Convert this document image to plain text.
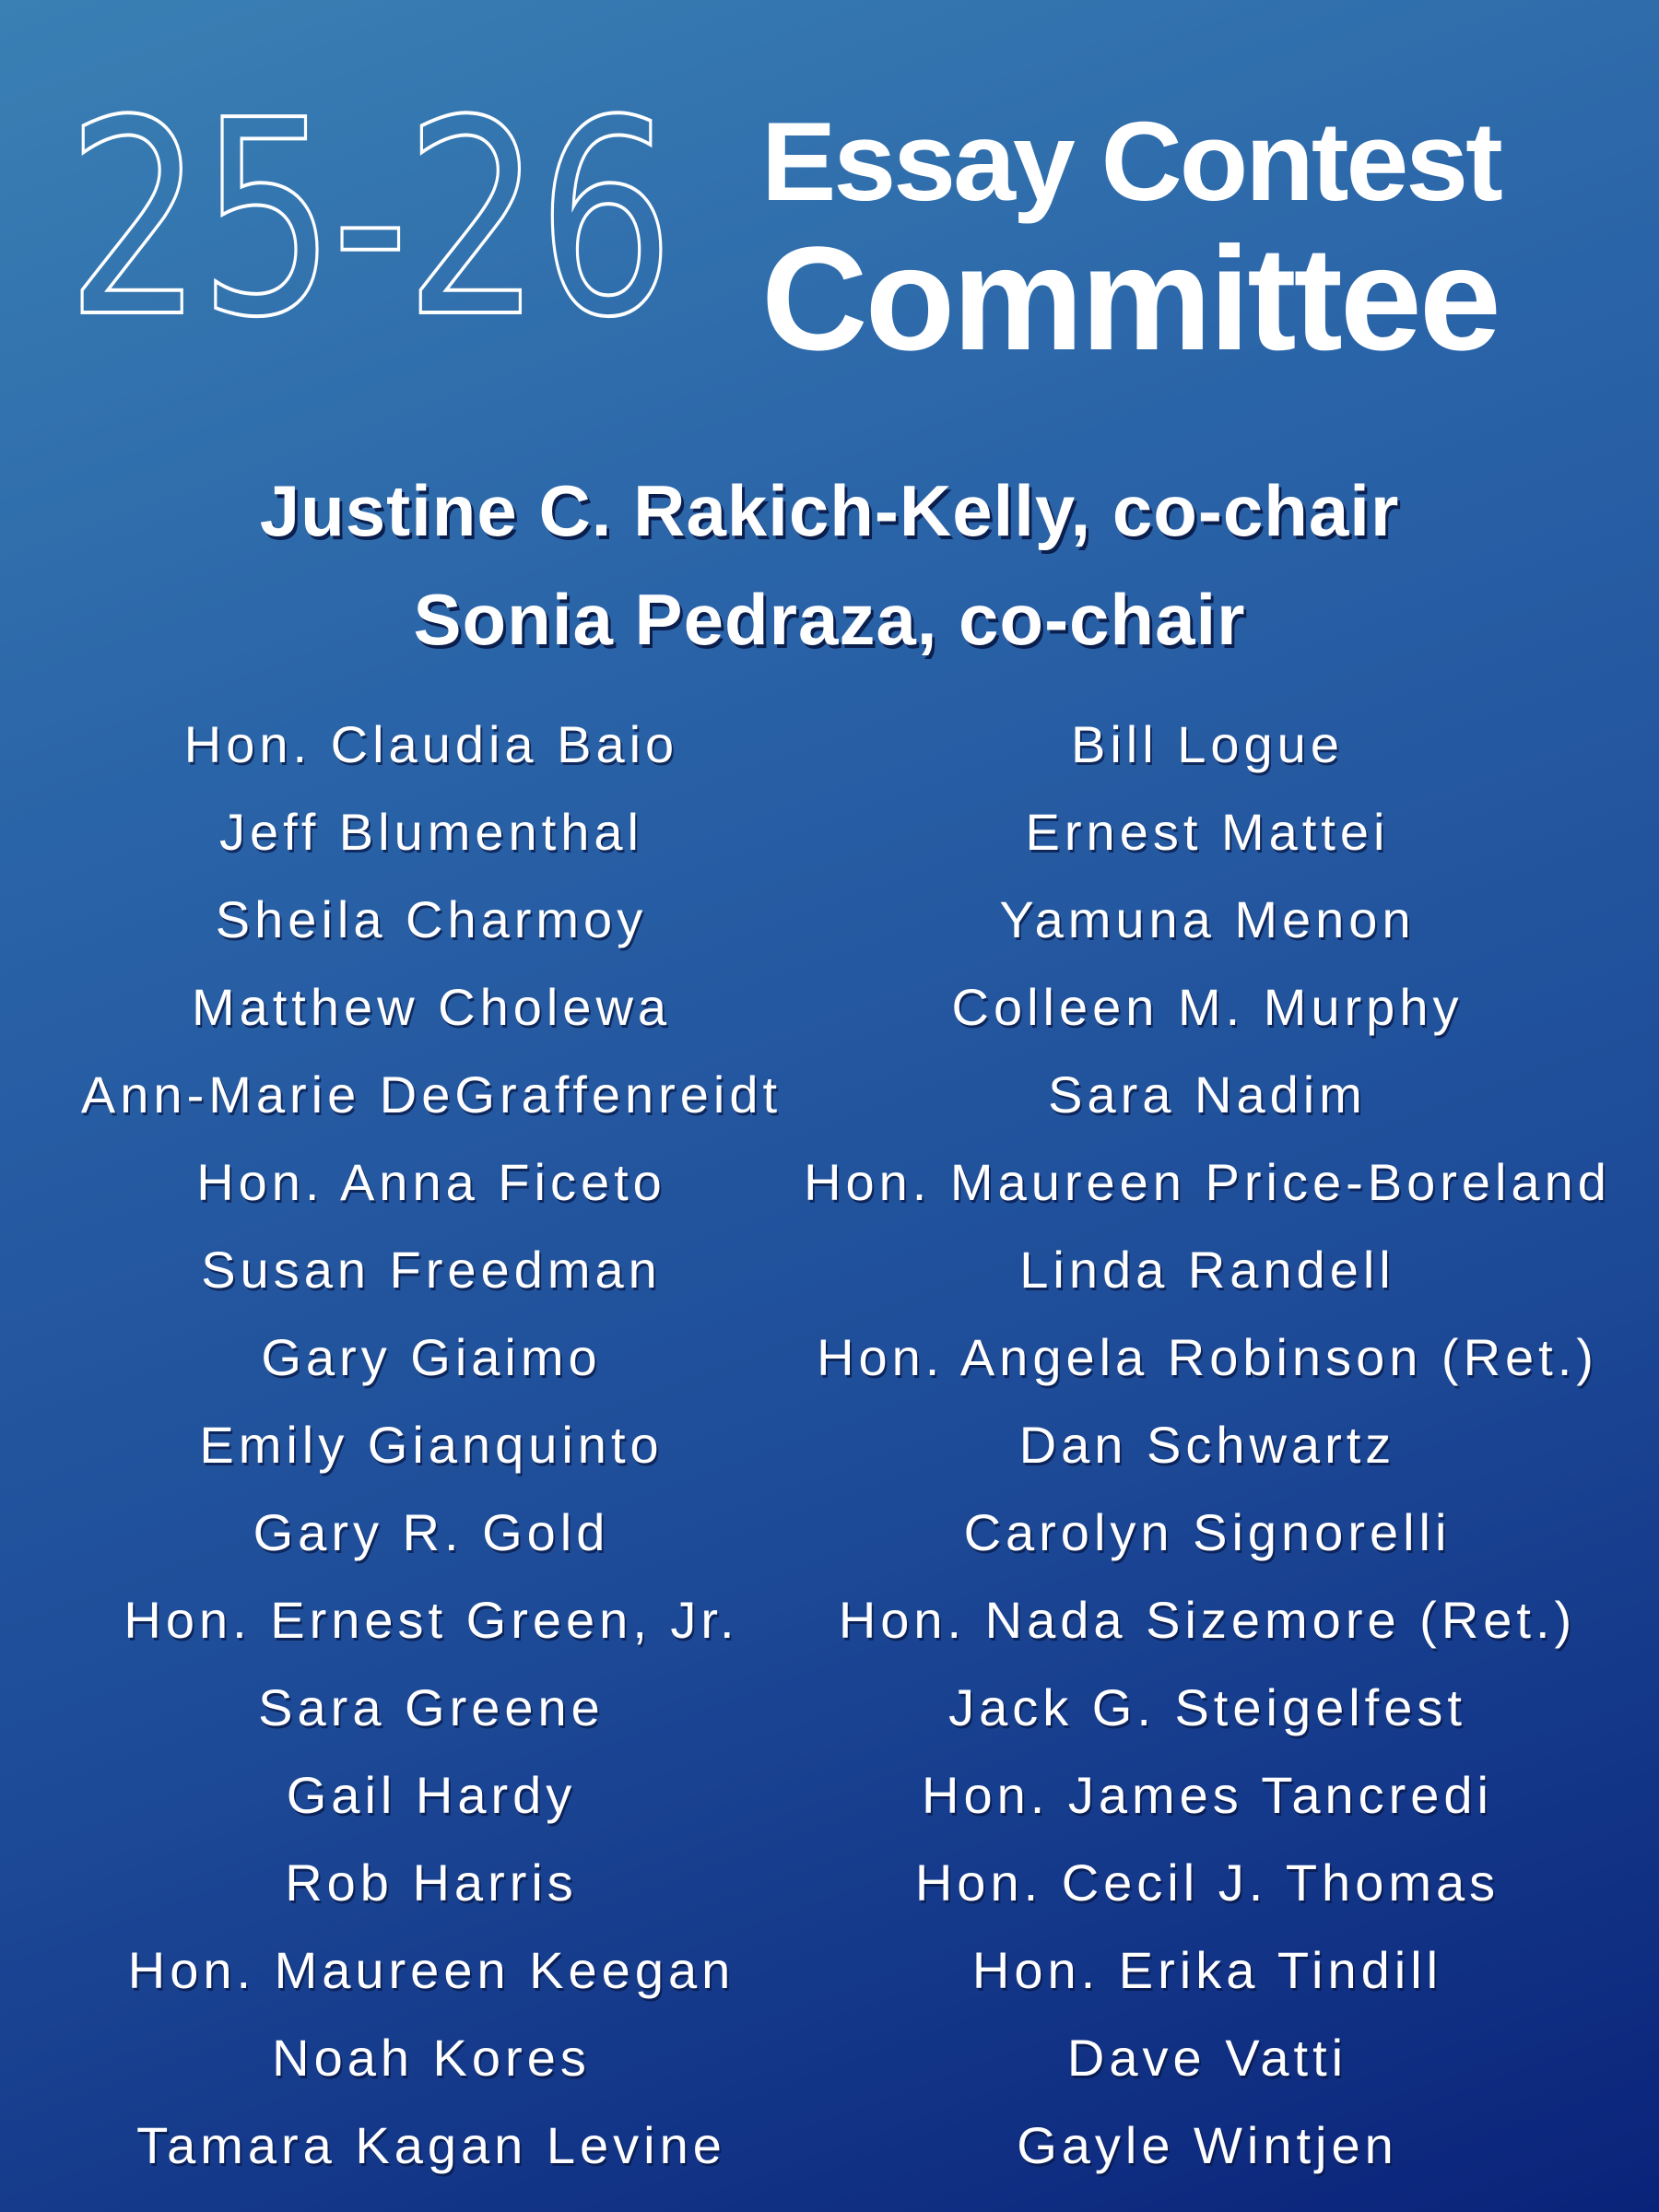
25-26 Essay Contest
Committee
Justine C. Rakich-Kelly, co-chair
Sonia Pedraza, co-chair
Hon. Claudia Baio
Jeff Blumenthal
Sheila Charmoy
Matthew Cholewa
Ann-Marie DeGraffenreidt
Hon. Anna Ficeto
Susan Freedman
Gary Giaimo
Emily Gianquinto
Gary R. Gold
Hon. Ernest Green, Jr.
Sara Greene
Gail Hardy
Rob Harris
Hon. Maureen Keegan
Noah Kores
Tamara Kagan Levine
Bill Logue
Ernest Mattei
Yamuna Menon
Colleen M. Murphy
Sara Nadim
Hon. Maureen Price-Boreland
Linda Randell
Hon. Angela Robinson (Ret.)
Dan Schwartz
Carolyn Signorelli
Hon. Nada Sizemore (Ret.)
Jack G. Steigelfest
Hon. James Tancredi
Hon. Cecil J. Thomas
Hon. Erika Tindill
Dave Vatti
Gayle Wintjen
